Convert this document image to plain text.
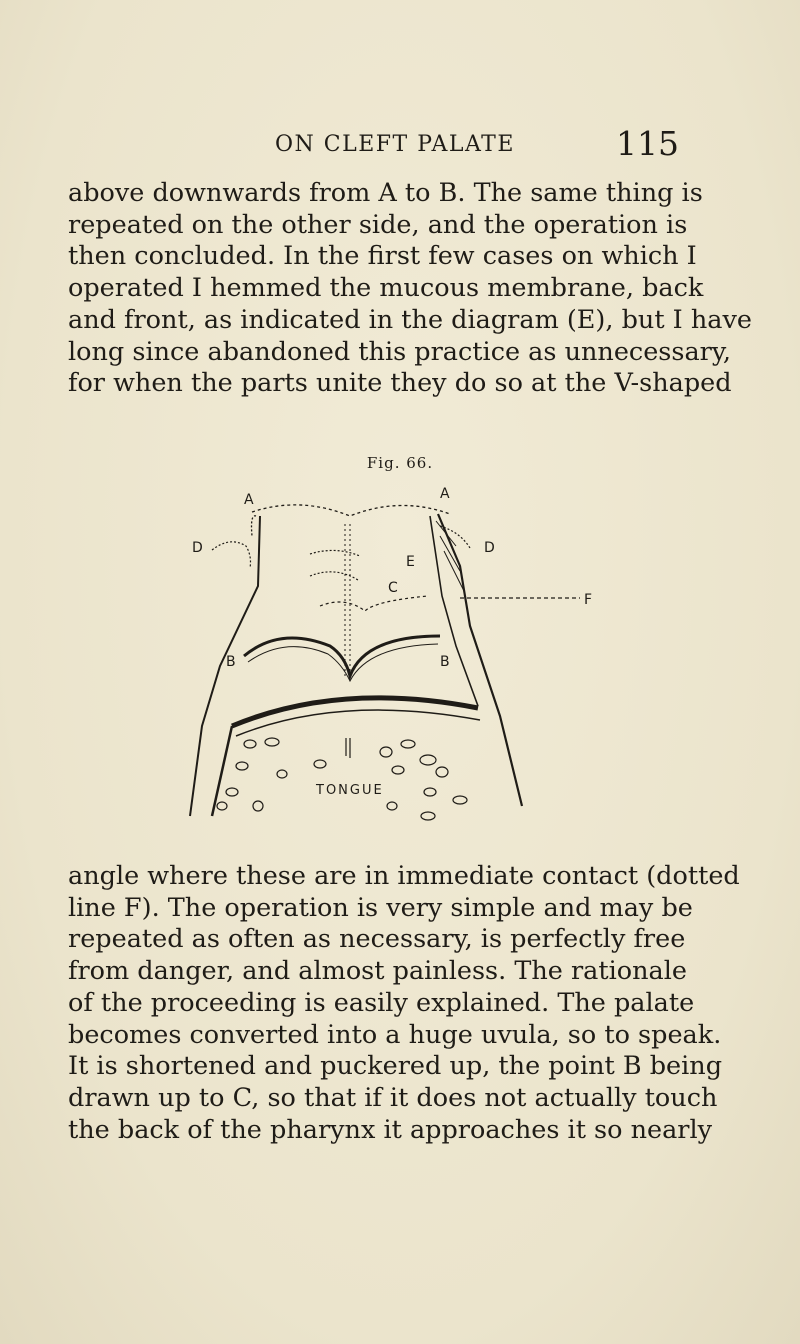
ON CLEFT PALATE	115
above downwards from A to B. The same thing is
repeated on the other side, and the operation is
then concluded. In the first few cases on which I
operated I hemmed the mucous membrane, back
and front, as indicated in the diagram (E), but I have
long since abandoned this practice as unnecessary,
for when the parts unite they do so at the V-shaped
Fig. 66.
A	A
D	D
E
C
F
B	B
TONGUE
angle where these are in immediate contact (dotted
line F). The operation is very simple and may be
repeated as often as necessary, is perfectly free
from danger, and almost painless. The rationale
of the proceeding is easily explained. The palate
becomes converted into a huge uvula, so to speak.
It is shortened and puckered up, the point B being
drawn up to C, so that if it does not actually touch
the back of the pharynx it approaches it so nearly
